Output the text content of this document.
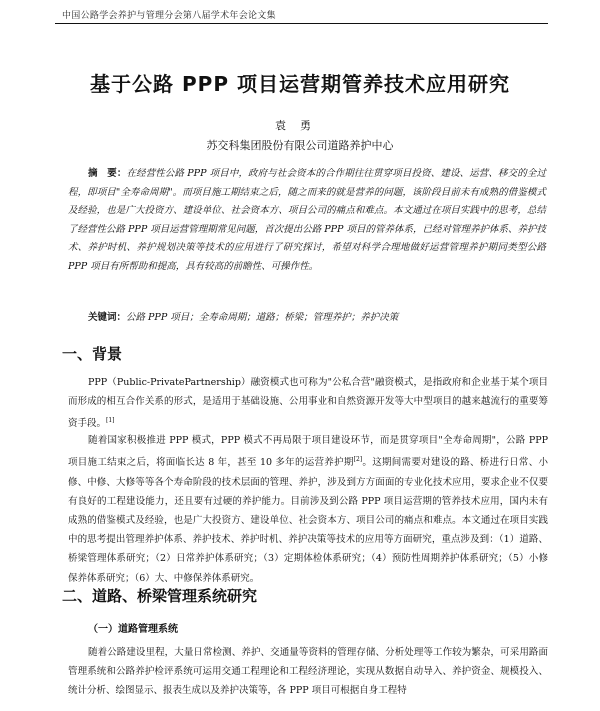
中国公路学会养护与管理分会第八届学术年会论文集
基于公路 PPP 项目运营期管养技术应用研究
袁勇
苏交科集团股份有限公司道路养护中心
摘　要：在经营性公路 PPP 项目中，政府与社会资本的合作期往往贯穿项目投资、建设、运营、移交的全过程，即项目"全寿命周期"。而项目施工期结束之后，随之而来的就是营养的问题，该阶段目前未有成熟的借鉴模式及经验，也是广大投资方、建设单位、社会资本方、项目公司的痛点和难点。本文通过在项目实践中的思考，总结了经营性公路 PPP 项目运营管理期常见问题，首次提出公路 PPP 项目的管养体系，已经对管理养护体系、养护技术、养护时机、养护规划决策等技术的应用进行了研究探讨，希望对科学合理地做好运营管理养护期同类型公路 PPP 项目有所帮助和提高，具有较高的前瞻性、可操作性。
关键词：公路 PPP 项目；全寿命周期；道路；桥梁；管理养护；养护决策
一、背景
PPP（Public-PrivatePartnership）融资模式也可称为"公私合营"融资模式，是指政府和企业基于某个项目而形成的相互合作关系的形式，是适用于基础设施、公用事业和自然资源开发等大中型项目的越来越流行的重要筹资手段。[1]
随着国家积极推进 PPP 模式，PPP 模式不再局限于项目建设环节，而是贯穿项目"全寿命周期"，公路 PPP 项目施工结束之后，将面临长达 8 年，甚至 10 多年的运营养护期[2]。这期间需要对建设的路、桥进行日常、小修、中修、大修等等各个寿命阶段的技术层面的管理、养护，涉及到方方面面的专业化技术应用，要求企业不仅要有良好的工程建设能力，还且要有过硬的养护能力。目前涉及到公路 PPP 项目运营期的管养技术应用，国内未有成熟的借鉴模式及经验，也是广大投资方、建设单位、社会资本方、项目公司的痛点和难点。本文通过在项目实践中的思考提出管理养护体系、养护技术、养护时机、养护决策等技术的应用等方面研究，重点涉及到：（1）道路、桥梁管理体系研究；（2）日常养护体系研究；（3）定期体检体系研究；（4）预防性周期养护体系研究；（5）小修保养体系研究；（6）大、中修保养体系研究。
二、道路、桥梁管理系统研究
（一）道路管理系统
随着公路建设里程，大量日常检测、养护、交通量等资料的管理存储、分析处理等工作较为繁杂，可采用路面管理系统和公路养护检评系统可运用交通工程理论和工程经济理论，实现从数据自动导入、养护资金、规模投入、统计分析、绘图显示、报表生成以及养护决策等，各 PPP 项目可根据自身工程特
